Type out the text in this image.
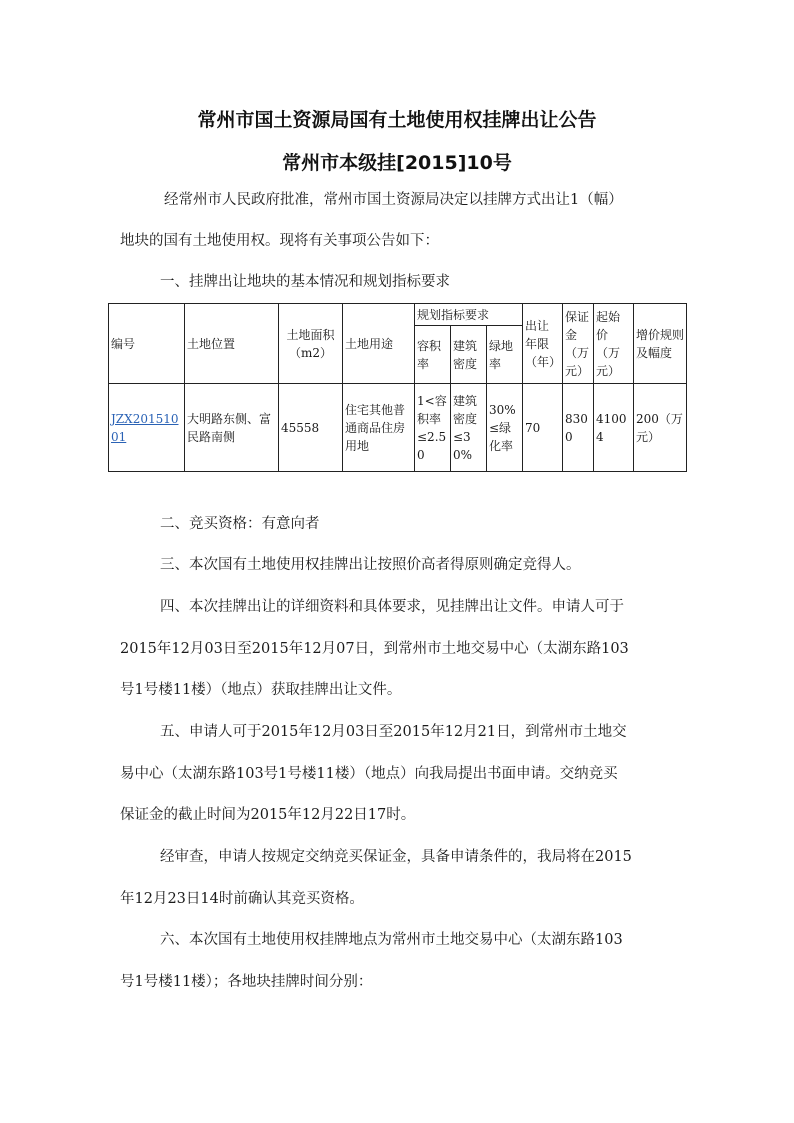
常州市国土资源局国有土地使用权挂牌出让公告
常州市本级挂[2015]10号
经常州市人民政府批准，常州市国土资源局决定以挂牌方式出让1（幅）
地块的国有土地使用权。现将有关事项公告如下：
一、挂牌出让地块的基本情况和规划指标要求
编号	土地位置	土地面积（m2）	土地用途	规划指标要求			出让年限（年）	保证金（万元）	起始价（万元）	增价规则及幅度
				容积率	建筑密度	绿地率				
JZX20151001	大明路东侧、富民路南侧	45558	住宅其他普通商品住房用地	1<容积率≤2.50	建筑密度≤30%	30%≤绿化率	70	8300	41004	200（万元）
二、竞买资格：有意向者
三、本次国有土地使用权挂牌出让按照价高者得原则确定竞得人。
四、本次挂牌出让的详细资料和具体要求，见挂牌出让文件。申请人可于
2015年12月03日至2015年12月07日，到常州市土地交易中心（太湖东路103
号1号楼11楼）（地点）获取挂牌出让文件。
五、申请人可于2015年12月03日至2015年12月21日，到常州市土地交
易中心（太湖东路103号1号楼11楼）（地点）向我局提出书面申请。交纳竞买
保证金的截止时间为2015年12月22日17时。
经审查，申请人按规定交纳竞买保证金，具备申请条件的，我局将在2015
年12月23日14时前确认其竞买资格。
六、本次国有土地使用权挂牌地点为常州市土地交易中心（太湖东路103
号1号楼11楼）；各地块挂牌时间分别：
